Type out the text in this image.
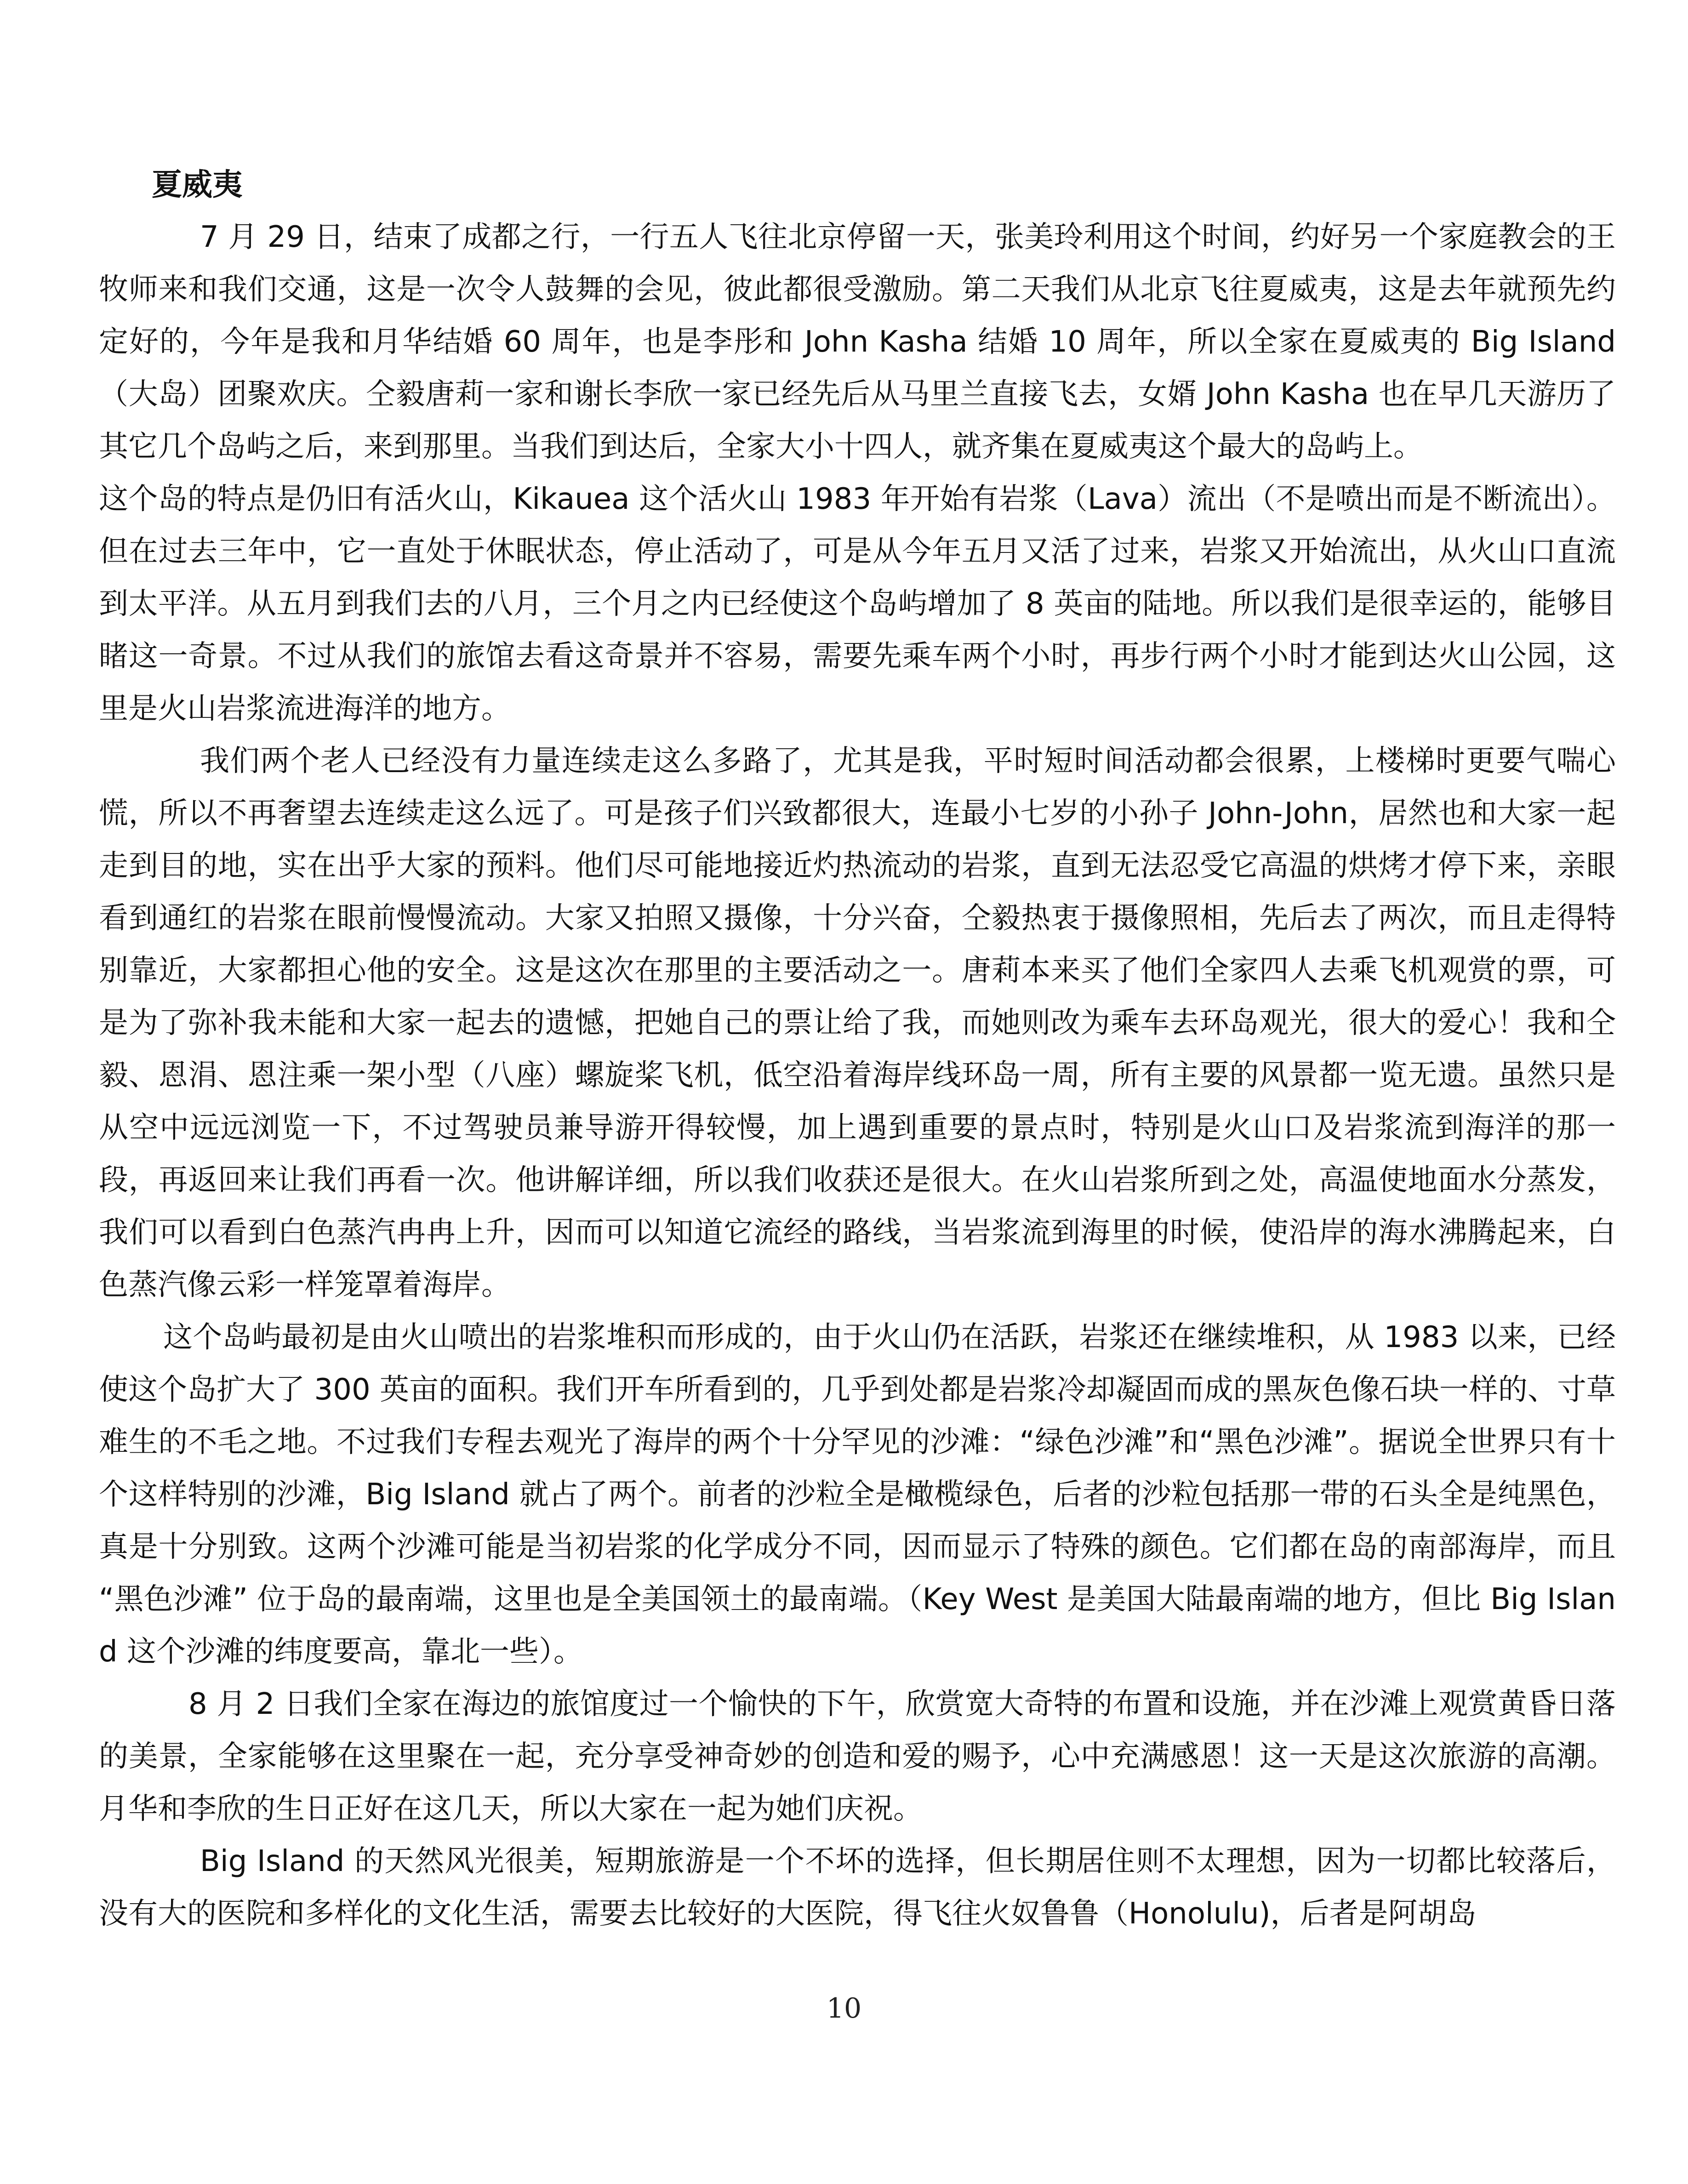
夏威夷

7 月 29 日，结束了成都之行，一行五人飞往北京停留一天，张美玲利用这个时间，约好另一个家庭教会的王牧师来和我们交通，这是一次令人鼓舞的会见，彼此都很受激励。第二天我们从北京飞往夏威夷，这是去年就预先约定好的，今年是我和月华结婚 60 周年，也是李彤和 John Kasha 结婚 10 周年，所以全家在夏威夷的 Big Island（大岛）团聚欢庆。仝毅唐莉一家和谢长李欣一家已经先后从马里兰直接飞去，女婿 John Kasha 也在早几天游历了其它几个岛屿之后，来到那里。当我们到达后，全家大小十四人，就齐集在夏威夷这个最大的岛屿上。

这个岛的特点是仍旧有活火山，Kikauea 这个活火山 1983 年开始有岩浆（Lava）流出（不是喷出而是不断流出）。但在过去三年中，它一直处于休眠状态，停止活动了，可是从今年五月又活了过来，岩浆又开始流出，从火山口直流到太平洋。从五月到我们去的八月，三个月之内已经使这个岛屿增加了 8 英亩的陆地。所以我们是很幸运的，能够目睹这一奇景。不过从我们的旅馆去看这奇景并不容易，需要先乘车两个小时，再步行两个小时才能到达火山公园，这里是火山岩浆流进海洋的地方。

我们两个老人已经没有力量连续走这么多路了，尤其是我，平时短时间活动都会很累，上楼梯时更要气喘心慌，所以不再奢望去连续走这么远了。可是孩子们兴致都很大，连最小七岁的小孙子 John-John，居然也和大家一起走到目的地，实在出乎大家的预料。他们尽可能地接近灼热流动的岩浆，直到无法忍受它高温的烘烤才停下来，亲眼看到通红的岩浆在眼前慢慢流动。大家又拍照又摄像，十分兴奋，仝毅热衷于摄像照相，先后去了两次，而且走得特别靠近，大家都担心他的安全。这是这次在那里的主要活动之一。唐莉本来买了他们全家四人去乘飞机观赏的票，可是为了弥补我未能和大家一起去的遗憾，把她自己的票让给了我，而她则改为乘车去环岛观光，很大的爱心！我和仝毅、恩涓、恩注乘一架小型（八座）螺旋桨飞机，低空沿着海岸线环岛一周，所有主要的风景都一览无遗。虽然只是从空中远远浏览一下，不过驾驶员兼导游开得较慢，加上遇到重要的景点时，特别是火山口及岩浆流到海洋的那一段，再返回来让我们再看一次。他讲解详细，所以我们收获还是很大。在火山岩浆所到之处，高温使地面水分蒸发，我们可以看到白色蒸汽冉冉上升，因而可以知道它流经的路线，当岩浆流到海里的时候，使沿岸的海水沸腾起来，白色蒸汽像云彩一样笼罩着海岸。

这个岛屿最初是由火山喷出的岩浆堆积而形成的，由于火山仍在活跃，岩浆还在继续堆积，从 1983 以来，已经使这个岛扩大了 300 英亩的面积。我们开车所看到的，几乎到处都是岩浆冷却凝固而成的黑灰色像石块一样的、寸草难生的不毛之地。不过我们专程去观光了海岸的两个十分罕见的沙滩：“绿色沙滩”和“黑色沙滩”。据说全世界只有十个这样特别的沙滩，Big Island 就占了两个。前者的沙粒全是橄榄绿色，后者的沙粒包括那一带的石头全是纯黑色，真是十分别致。这两个沙滩可能是当初岩浆的化学成分不同，因而显示了特殊的颜色。它们都在岛的南部海岸，而且 “黑色沙滩” 位于岛的最南端，这里也是全美国领土的最南端。（Key West 是美国大陆最南端的地方，但比 Big Island 这个沙滩的纬度要高，靠北一些）。

8 月 2 日我们全家在海边的旅馆度过一个愉快的下午，欣赏宽大奇特的布置和设施，并在沙滩上观赏黄昏日落的美景，全家能够在这里聚在一起，充分享受神奇妙的创造和爱的赐予，心中充满感恩！这一天是这次旅游的高潮。月华和李欣的生日正好在这几天，所以大家在一起为她们庆祝。

Big Island 的天然风光很美，短期旅游是一个不坏的选择，但长期居住则不太理想，因为一切都比较落后，没有大的医院和多样化的文化生活，需要去比较好的大医院，得飞往火奴鲁鲁（Honolulu)，后者是阿胡岛

10
